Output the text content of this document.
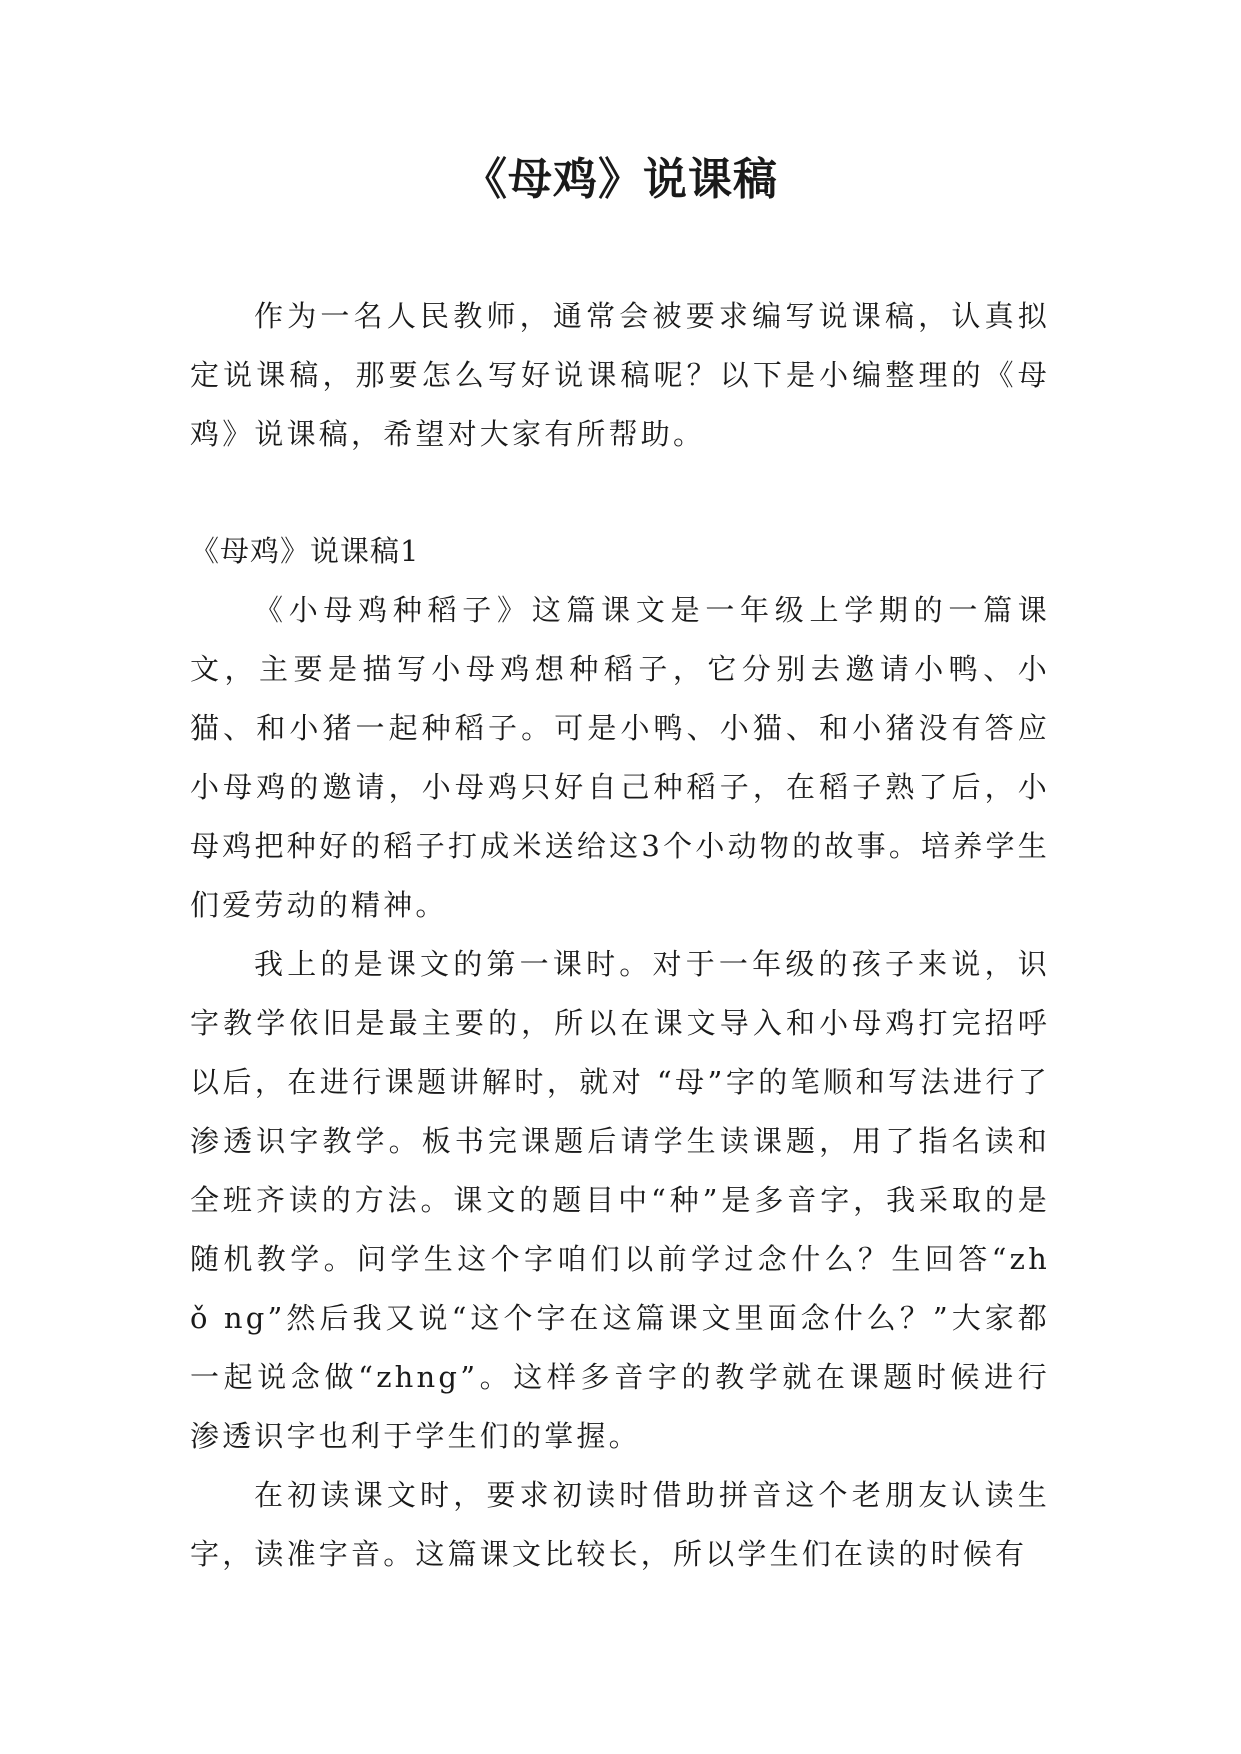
《母鸡》说课稿

作为一名人民教师，通常会被要求编写说课稿，认真拟定说课稿，那要怎么写好说课稿呢？以下是小编整理的《母鸡》说课稿，希望对大家有所帮助。

《母鸡》说课稿1

《小母鸡种稻子》这篇课文是一年级上学期的一篇课文，主要是描写小母鸡想种稻子，它分别去邀请小鸭、小猫、和小猪一起种稻子。可是小鸭、小猫、和小猪没有答应小母鸡的邀请，小母鸡只好自己种稻子，在稻子熟了后，小母鸡把种好的稻子打成米送给这3个小动物的故事。培养学生们爱劳动的精神。

我上的是课文的第一课时。对于一年级的孩子来说，识字教学依旧是最主要的，所以在课文导入和小母鸡打完招呼以后，在进行课题讲解时，就对 “母”字的笔顺和写法进行了渗透识字教学。板书完课题后请学生读课题，用了指名读和全班齐读的方法。课文的题目中“种”是多音字，我采取的是随机教学。问学生这个字咱们以前学过念什么？生回答“zh ǒ ng”然后我又说“这个字在这篇课文里面念什么？”大家都一起说念做“zhng”。这样多音字的教学就在课题时候进行渗透识字也利于学生们的掌握。

在初读课文时，要求初读时借助拼音这个老朋友认读生字，读准字音。这篇课文比较长，所以学生们在读的时候有
